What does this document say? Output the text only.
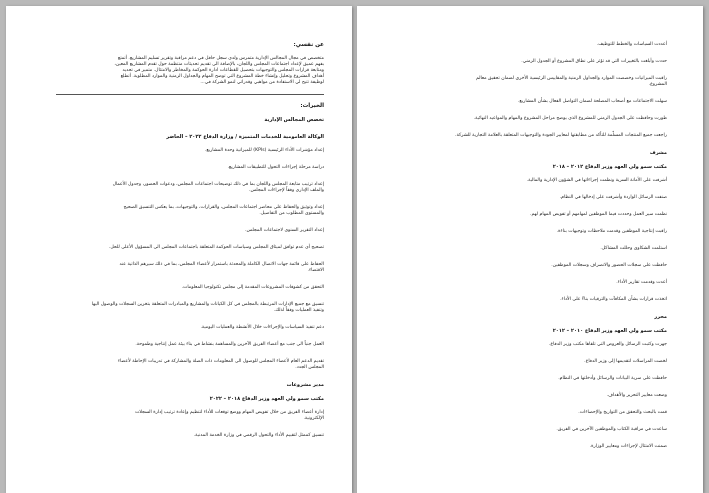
عن نفسي:
متخصص في مجال المجالس الإدارية متمرس ولدي سجل حافل في دعم مراقبة وتقرير تسليم المشاريع. أتمتع
بفهم عميق لإعداد اجتماعات المجلس واللجان، بالإضافة الى تقديم تحديثات منتظمة حول تقدم المشاريع المعين،
ومتابعة قرارات المجلس والتوجيهات بتحصيل للقطاعات ادارة الحوكمة والمخاطر والامتثال. متميز في تحديد
أهداف المشروع وتحليل وإنشاء خطة المشروع التي توضح المهام والجداول الزمنية والموارد المطلوبة. أتطلع
لوظيفة تتيح لي الاستفادة من مواهبي وقدراتي لنمو الشركة في...
الخبرات:
تخصص المجالس الإدارية
الوكالة العامومية للخدمات المتميزة / وزارة الدفاع ٢٠٢٢ – الحاضر
إعداد مؤشرات الأداء الرئيسية (KPIs) للميزانية وحدة المشاريع.
دراسة مرحلة إجراءات التحول للتطبيقات المشاريع.
إعداد ترتيب متابعة المجلس واللجان بما في ذلك توضيحات اجتماعات المجلس، ودعوات الحضور، وجدول الأعمال
والملف الإداري وفقاً لإجراءات المجلس.
إعداد وتوثيق والحفاظ على محاضر اجتماعات المجلس، والقرارات، والتوجيهات، بما يعكس التنسيق الصحيح
والمستوى المطلوب من التفاصيل.
إعداد التقرير السنوي لاجتماعات المجلس.
تصحيح أي عدم توافق لميثاق المجلس وسياسات الحوكمة المتعلقة باجتماعات المجلس الى المسؤول الأعلى للحل.
الحفاظ على قائمة جهات الاتصال الكاملة والمحدثة باستمرار لأعضاء المجلس، بما في ذلك سيرهم الذاتية عند
الاقتضاء.
التحقق من كشوفات المشروعات المقدمة إلى مجلس تكنولوجيا المعلومات.
تنسيق مع جميع الإدارات المرتبطة بالمجلس في كل الكيانات والمشاريع والمبادرات المتعلقة بتخزين السجلات والوصول اليها
وتنفيذ العمليات وفقاً لذلك.
دعم تنفيذ السياسات والإجراءات خلال الأنشطة والعمليات اليومية.
العمل جنباً الى جنب مع أعضاء الفريق الآخرين والمساهمة بنشاط في بناء بيئة عمل إنتاجية وطموحة.
تقديم الدعم العام لأعضاء المجلس للوصول الى المعلومات ذات الصلة والمشاركة في تدريبات الإحاطة لأعضاء
المجلس الجدد.
مدير مشروعات
مكتب سمو ولي العهد وزير الدفاع ٢٠١٨ – ٢٠٢٢
إدارة أعضاء الفريق من خلال تفويض المهام ووضع توقعات للأداء لتنظيم وإعادة ترتيب إدارة السجلات
الإلكترونية.
تنسيق كممثل لتقييم الأداء والتحول الرقمي في وزارة الخدمة المدنية.
أعددت السياسات والخطط للتوظيف.
حددت وأبلغت بالتغييرات التي قد تؤثر على نطاق المشروع أو الجدول الزمني.
راقبت الميزانيات وخصصت الموارد والجداول الزمنية والمقاييس الرئيسية الأخرى لضمان تحقيق معالم
المشروع.
سهلت الاجتماعات مع أصحاب المصلحة لضمان التواصل الفعال بشأن المشاريع.
طورت وحافظت على الجدول الزمني للمشروع الذي يوضح مراحل المشروع والمهام والمواعيد النهائية.
راجعت جميع المنتجات المسلّمة للتأكد من مطابقتها لمعايير الجودة والتوجيهات المتعلقة بالعلامة التجارية للشركة.
مشرف
مكتب سمو ولي العهد وزير الدفاع ٢٠١٢ – ٢٠١٨
أشرفت على الأمانة السرية ونظمت إجراءاتها في الشؤون الإدارية والمالية.
صنفت الرسائل الواردة وأشرفت على إدخالها في النظام.
نظمت سير العمل وحددت فيما الموظفين لمهامهم أو تفويض المهام لهم.
راقبت إنتاجية الموظفين وقدمت ملاحظات وتوجيهات بناءة.
استلمت الشكاوى وحللت المشاكل.
حافظت على سجلات الحضور والانصراف وسجلات الموظفين.
أعدت وقدمت تقارير الأداء.
اتخذت قرارات بشأن المكافآت والترقيات بناءً على الأداء.
محرر
مكتب سمو ولي العهد وزير الدفاع ٢٠١٠ – ٢٠١٢
جهزت وكتبت الرسائل والعروض التي تلقاها مكتب وزير الدفاع.
لخصت المراسلات لتقديمها إلى وزير الدفاع.
حافظت على سرية البيانات والرسائل وأدخلتها في النظام.
وضعت معايير التحرير والأهداف.
قمت بالبحث والتحقق من التواريخ والإحصاءات.
ساعدت في مراقبة الكتاب والموظفين الآخرين في الفريق.
ضمنت الامتثال لإجراءات ومعايير الوزارة.
